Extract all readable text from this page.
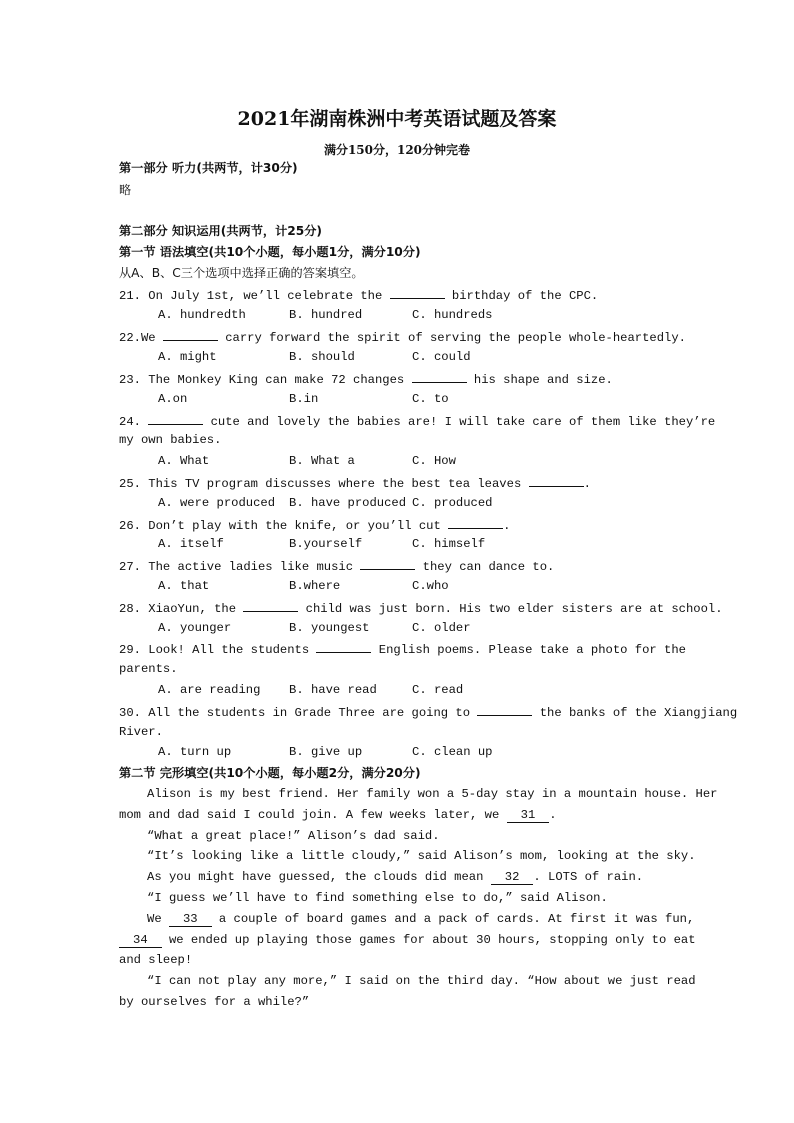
2021年湖南株洲中考英语试题及答案
满分150分，120分钟完卷
第一部分 听力(共两节，计30分)
略
第二部分 知识运用(共两节，计25分)
第一节 语法填空(共10个小题，每小题1分，满分10分)
从A、B、C三个选项中选择正确的答案填空。
21. On July 1st, we’ll celebrate the	birthday of the CPC.
A. hundredth	B. hundred	C. hundreds
22.We	carry forward the spirit of serving the people whole-heartedly.
A. might	B. should	C. could
23. The Monkey King can make 72 changes	his shape and size.
A.on	B.in	C. to
24.	cute and lovely the babies are! I will take care of them like they’re
my own babies.
A. What	B. What a	C. How
25. This TV program discusses where the best tea leaves	.
A. were produced B. have produced C. produced
26. Don’t play with the knife, or you’ll cut	.
A. itself	B.yourself	C. himself
27. The active ladies like music	they can dance to.
A. that	B.where	C.who
28. XiaoYun, the	child was just born. His two elder sisters are at school.
A. younger	B. youngest	C. older
29. Look! All the students	English poems. Please take a photo for the
parents.
A. are reading B. have read	C. read
30. All the students in Grade Three are going to	the banks of the Xiangjiang
River.
A. turn up	B. give up	C. clean up
第二节 完形填空(共10个小题，每小题2分，满分20分)
Alison is my best friend. Her family won a 5-day stay in a mountain house. Her
mom and dad said I could join. A few weeks later, we 31 .
“What a great place!” Alison’s dad said.
“It’s looking like a little cloudy,” said Alison’s mom, looking at the sky.
As you might have guessed, the clouds did mean 32 . LOTS of rain.
“I guess we’ll have to find something else to do,” said Alison.
We 33 a couple of board games and a pack of cards. At first it was fun,
34 we ended up playing those games for about 30 hours, stopping only to eat
and sleep!
“I can not play any more,” I said on the third day. “How about we just read
by ourselves for a while?”
